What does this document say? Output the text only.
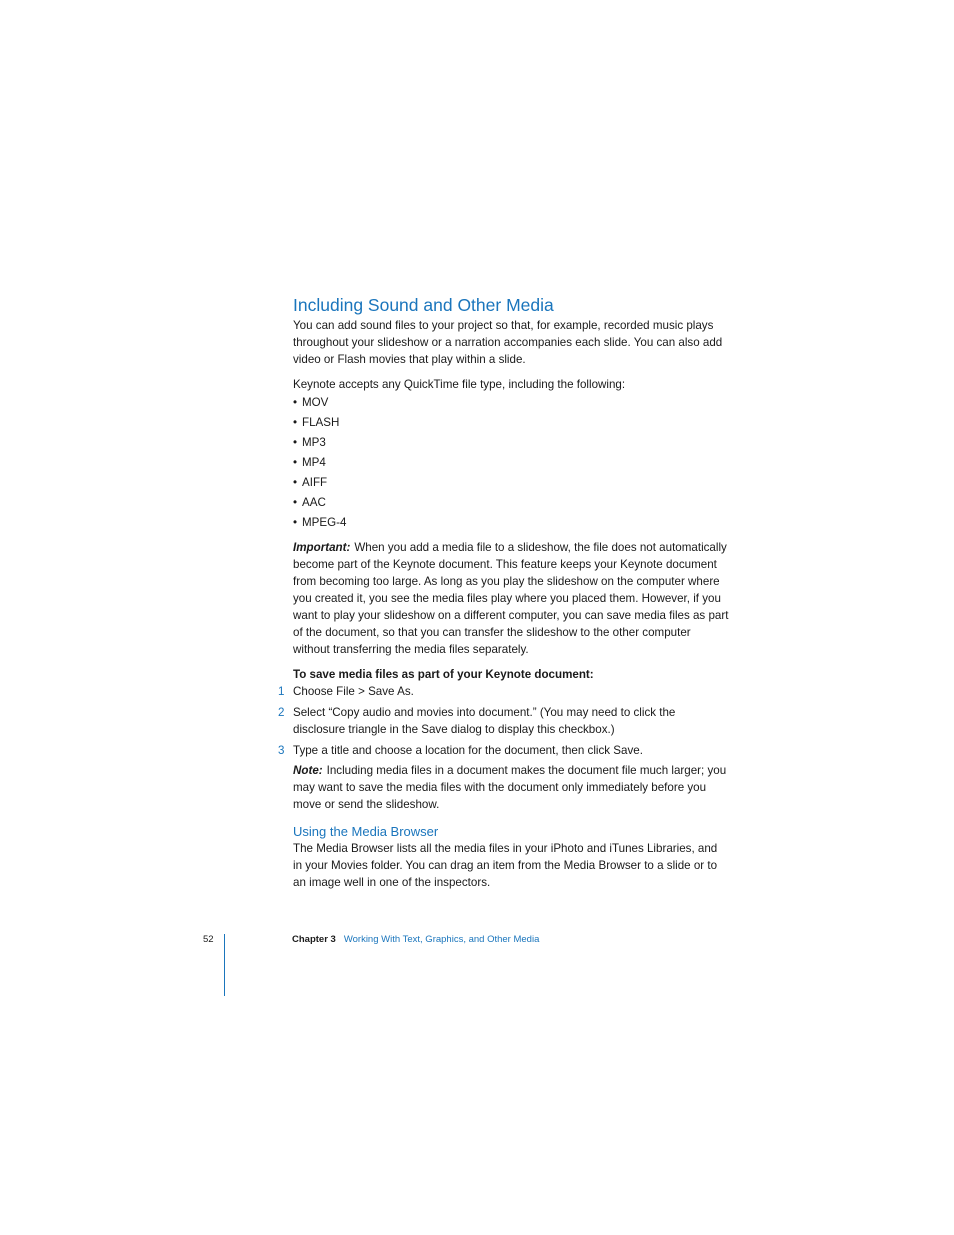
Including Sound and Other Media

You can add sound files to your project so that, for example, recorded music plays throughout your slideshow or a narration accompanies each slide. You can also add video or Flash movies that play within a slide.

Keynote accepts any QuickTime file type, including the following:

• MOV
• FLASH
• MP3
• MP4
• AIFF
• AAC
• MPEG-4

Important: When you add a media file to a slideshow, the file does not automatically become part of the Keynote document. This feature keeps your Keynote document from becoming too large. As long as you play the slideshow on the computer where you created it, you see the media files play where you placed them. However, if you want to play your slideshow on a different computer, you can save media files as part of the document, so that you can transfer the slideshow to the other computer without transferring the media files separately.

To save media files as part of your Keynote document:

1 Choose File > Save As.
2 Select “Copy audio and movies into document.” (You may need to click the disclosure triangle in the Save dialog to display this checkbox.)
3 Type a title and choose a location for the document, then click Save.

Note: Including media files in a document makes the document file much larger; you may want to save the media files with the document only immediately before you move or send the slideshow.

Using the Media Browser

The Media Browser lists all the media files in your iPhoto and iTunes Libraries, and in your Movies folder. You can drag an item from the Media Browser to a slide or to an image well in one of the inspectors.

52	Chapter 3 Working With Text, Graphics, and Other Media
